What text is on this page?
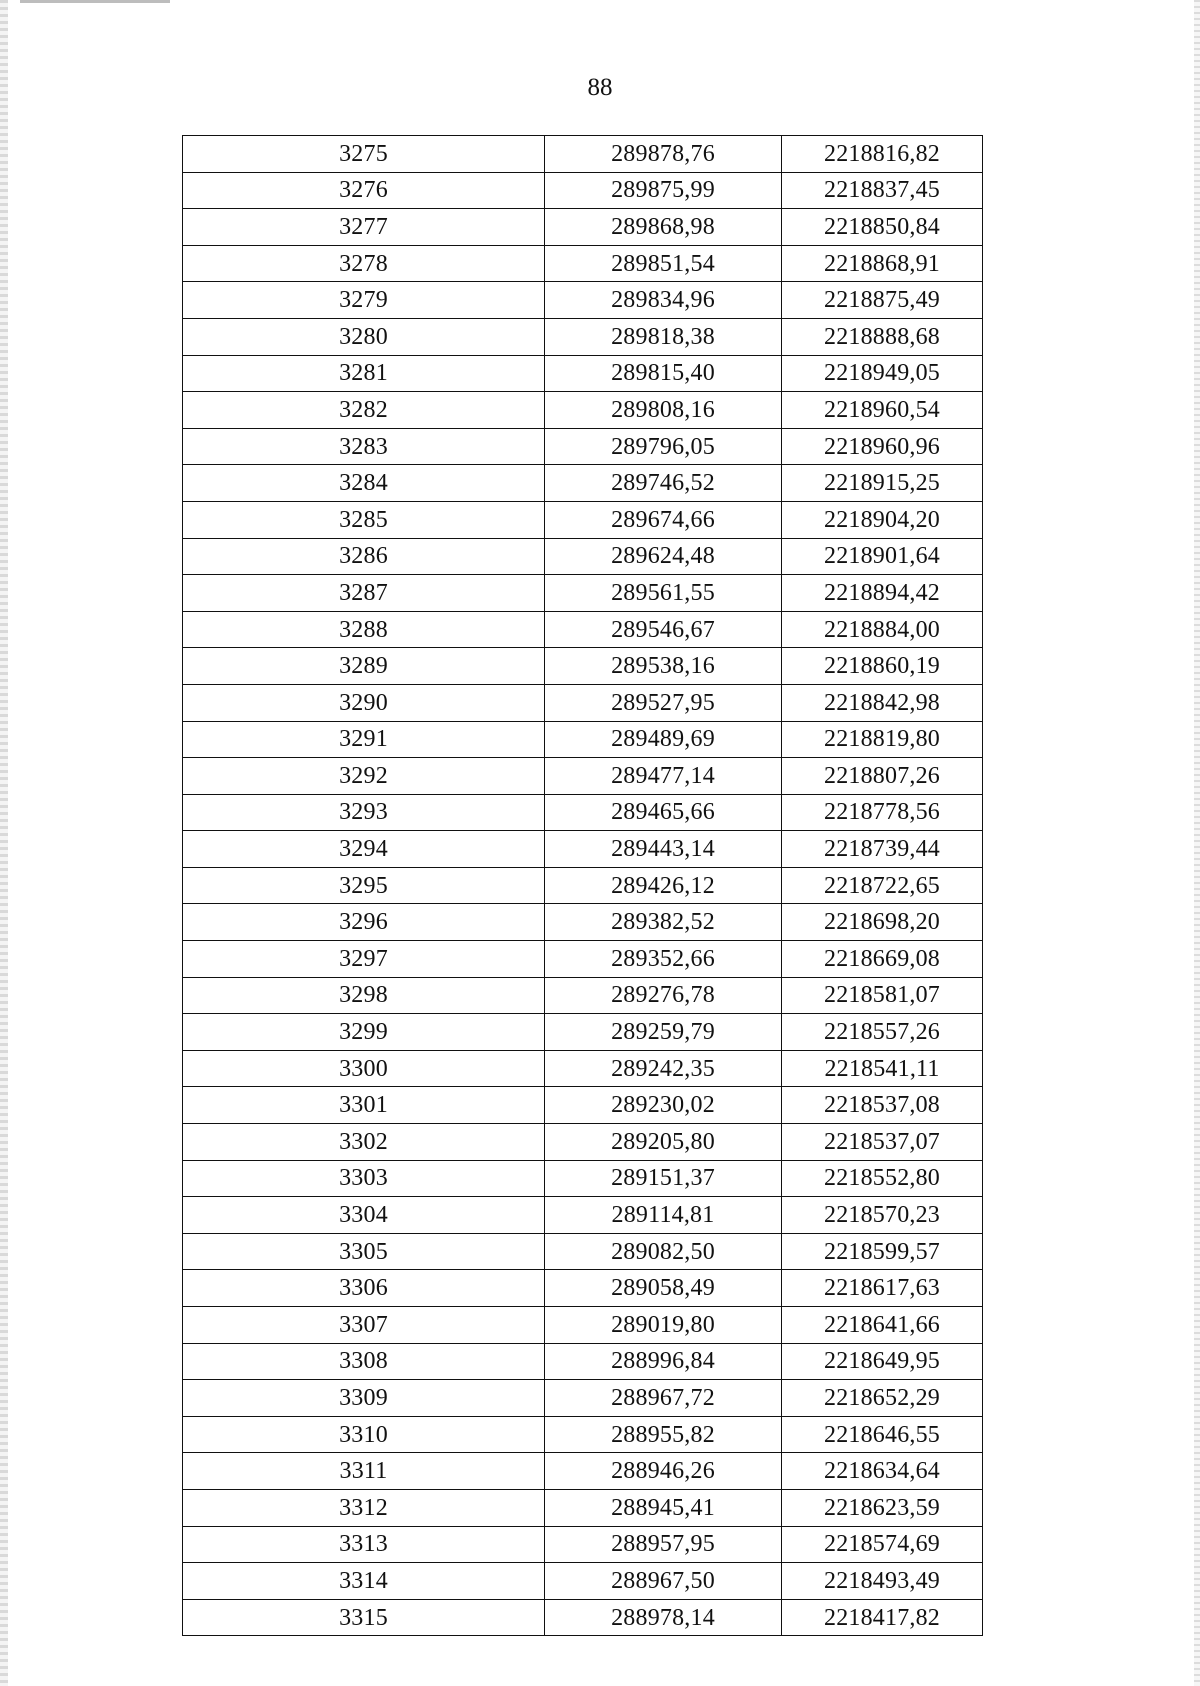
88
3275	289878,76	2218816,82
3276	289875,99	2218837,45
3277	289868,98	2218850,84
3278	289851,54	2218868,91
3279	289834,96	2218875,49
3280	289818,38	2218888,68
3281	289815,40	2218949,05
3282	289808,16	2218960,54
3283	289796,05	2218960,96
3284	289746,52	2218915,25
3285	289674,66	2218904,20
3286	289624,48	2218901,64
3287	289561,55	2218894,42
3288	289546,67	2218884,00
3289	289538,16	2218860,19
3290	289527,95	2218842,98
3291	289489,69	2218819,80
3292	289477,14	2218807,26
3293	289465,66	2218778,56
3294	289443,14	2218739,44
3295	289426,12	2218722,65
3296	289382,52	2218698,20
3297	289352,66	2218669,08
3298	289276,78	2218581,07
3299	289259,79	2218557,26
3300	289242,35	2218541,11
3301	289230,02	2218537,08
3302	289205,80	2218537,07
3303	289151,37	2218552,80
3304	289114,81	2218570,23
3305	289082,50	2218599,57
3306	289058,49	2218617,63
3307	289019,80	2218641,66
3308	288996,84	2218649,95
3309	288967,72	2218652,29
3310	288955,82	2218646,55
3311	288946,26	2218634,64
3312	288945,41	2218623,59
3313	288957,95	2218574,69
3314	288967,50	2218493,49
3315	288978,14	2218417,82
